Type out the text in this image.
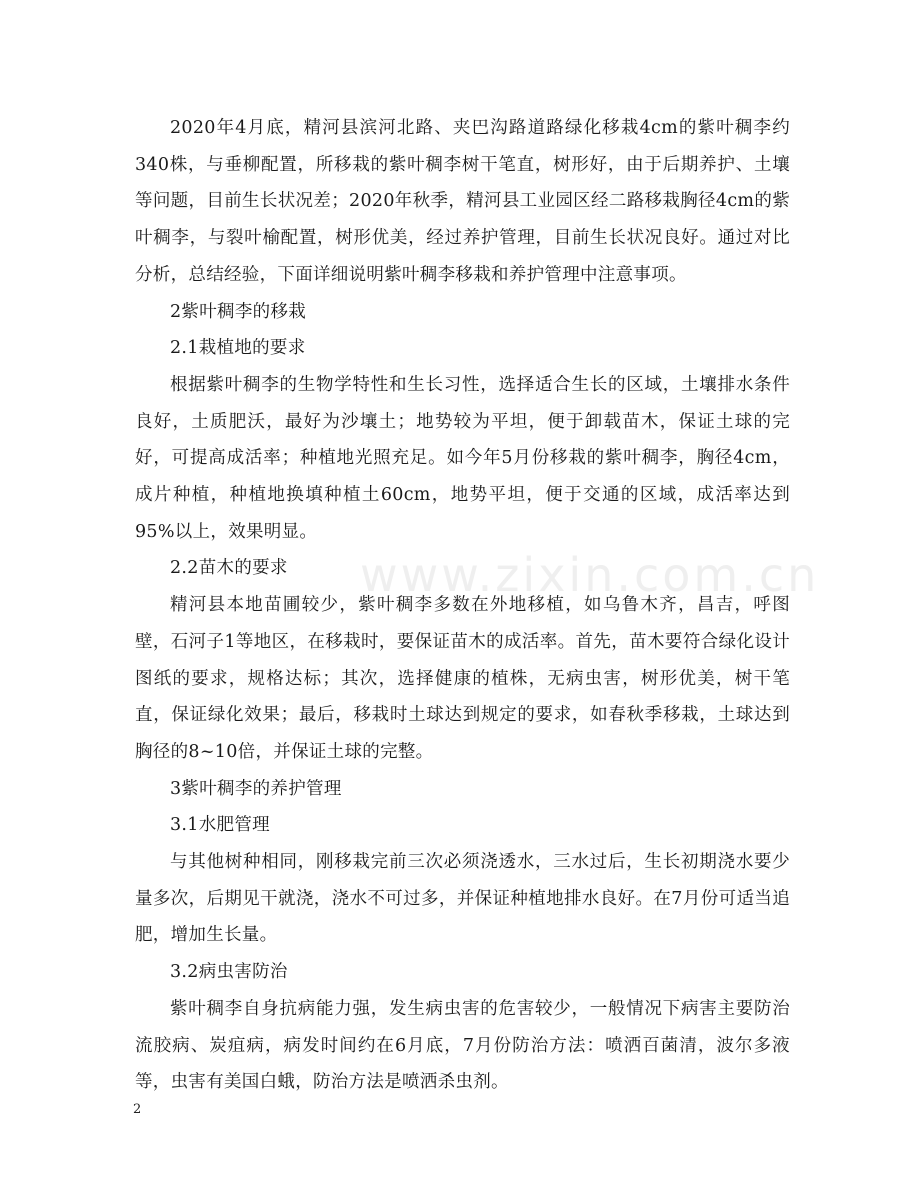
www.zixin.com.cn

2020年4月底，精河县滨河北路、夹巴沟路道路绿化移栽4cm的紫叶稠李约340株，与垂柳配置，所移栽的紫叶稠李树干笔直，树形好，由于后期养护、土壤等问题，目前生长状况差；2020年秋季，精河县工业园区经二路移栽胸径4cm的紫叶稠李，与裂叶榆配置，树形优美，经过养护管理，目前生长状况良好。通过对比分析，总结经验，下面详细说明紫叶稠李移栽和养护管理中注意事项。

2紫叶稠李的移栽

2.1栽植地的要求

根据紫叶稠李的生物学特性和生长习性，选择适合生长的区域，土壤排水条件良好，土质肥沃，最好为沙壤土；地势较为平坦，便于卸载苗木，保证土球的完好，可提高成活率；种植地光照充足。如今年5月份移栽的紫叶稠李，胸径4cm，成片种植，种植地换填种植土60cm，地势平坦，便于交通的区域，成活率达到95%以上，效果明显。

2.2苗木的要求

精河县本地苗圃较少，紫叶稠李多数在外地移植，如乌鲁木齐，昌吉，呼图壁，石河子1等地区，在移栽时，要保证苗木的成活率。首先，苗木要符合绿化设计图纸的要求，规格达标；其次，选择健康的植株，无病虫害，树形优美，树干笔直，保证绿化效果；最后，移栽时土球达到规定的要求，如春秋季移栽，土球达到胸径的8~10倍，并保证土球的完整。

3紫叶稠李的养护管理

3.1水肥管理

与其他树种相同，刚移栽完前三次必须浇透水，三水过后，生长初期浇水要少量多次，后期见干就浇，浇水不可过多，并保证种植地排水良好。在7月份可适当追肥，增加生长量。

3.2病虫害防治

紫叶稠李自身抗病能力强，发生病虫害的危害较少，一般情况下病害主要防治流胶病、炭疽病，病发时间约在6月底，7月份防治方法：喷洒百菌清，波尔多液等，虫害有美国白蛾，防治方法是喷洒杀虫剂。

2
